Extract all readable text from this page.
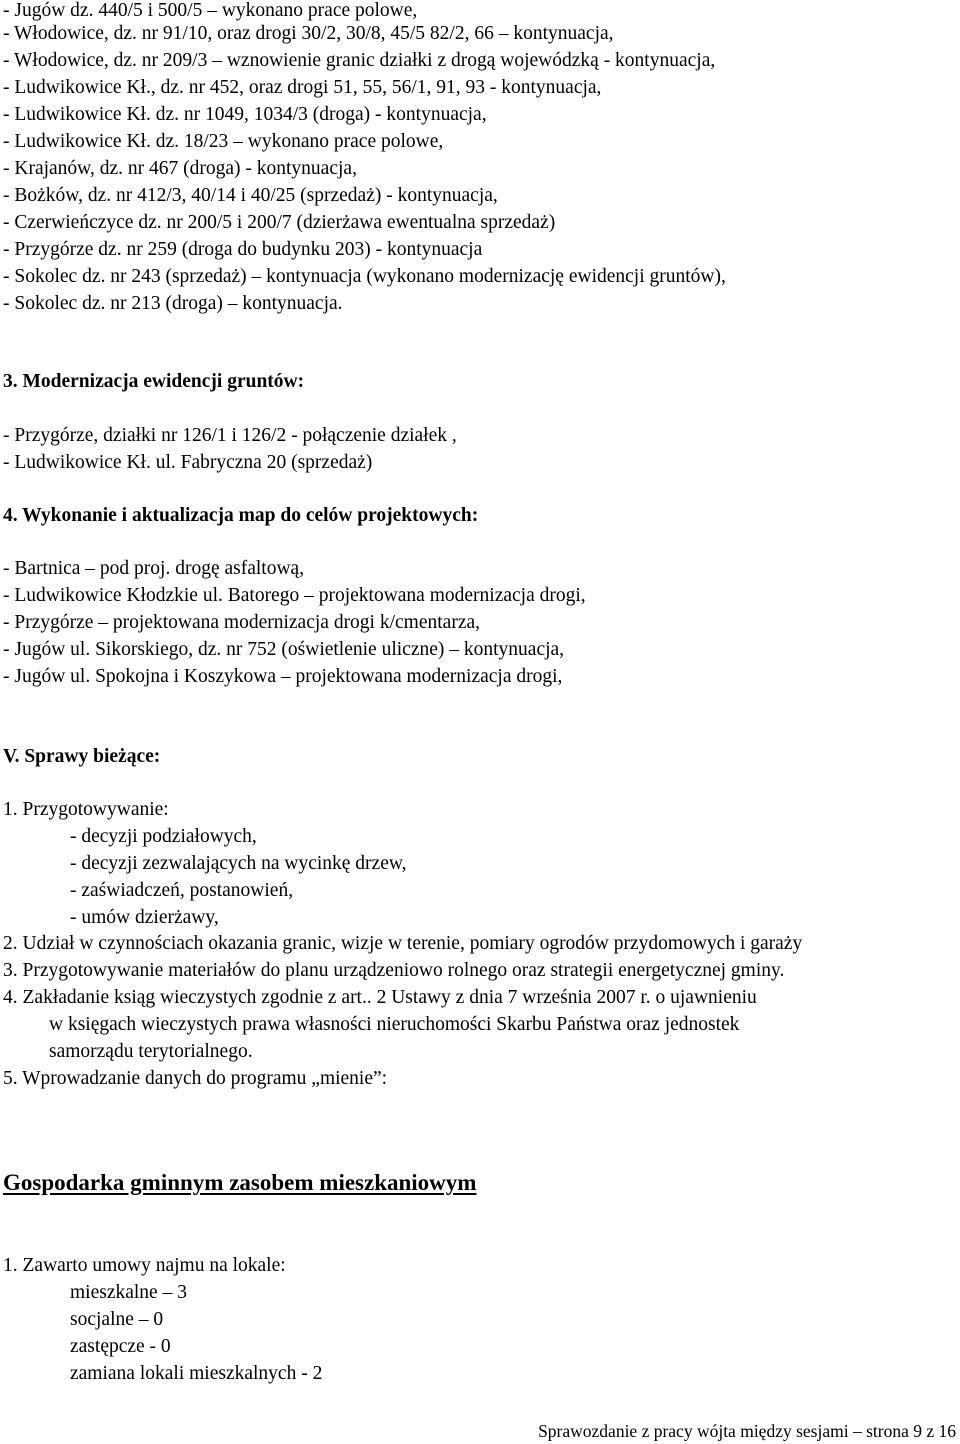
- Jugów dz. 440/5 i 500/5 – wykonano prace polowe,
- Włodowice, dz. nr 91/10, oraz drogi 30/2, 30/8, 45/5 82/2, 66 – kontynuacja,
- Włodowice, dz. nr 209/3 – wznowienie granic działki z drogą wojewódzką - kontynuacja,
- Ludwikowice Kł., dz. nr 452, oraz drogi 51, 55, 56/1, 91, 93 - kontynuacja,
- Ludwikowice Kł. dz. nr 1049, 1034/3 (droga) - kontynuacja,
- Ludwikowice Kł. dz. 18/23 – wykonano prace polowe,
- Krajanów, dz. nr 467 (droga) - kontynuacja,
- Bożków, dz. nr 412/3, 40/14 i 40/25 (sprzedaż) - kontynuacja,
- Czerwieńczyce dz. nr 200/5 i 200/7 (dzierżawa ewentualna sprzedaż)
- Przygórze dz. nr 259 (droga do budynku 203) - kontynuacja
- Sokolec dz. nr 243 (sprzedaż) – kontynuacja (wykonano modernizację ewidencji gruntów),
- Sokolec dz. nr 213 (droga) – kontynuacja.
3. Modernizacja ewidencji gruntów:
- Przygórze, działki nr 126/1 i 126/2 - połączenie działek ,
- Ludwikowice Kł. ul. Fabryczna 20 (sprzedaż)
4. Wykonanie i aktualizacja map do celów projektowych:
- Bartnica – pod proj. drogę asfaltową,
- Ludwikowice Kłodzkie ul. Batorego – projektowana modernizacja drogi,
- Przygórze – projektowana modernizacja drogi k/cmentarza,
- Jugów ul. Sikorskiego, dz. nr 752 (oświetlenie uliczne) – kontynuacja,
- Jugów ul. Spokojna i Koszykowa – projektowana modernizacja drogi,
V. Sprawy bieżące:
1. Przygotowywanie:
- decyzji podziałowych,
- decyzji zezwalających na wycinkę drzew,
- zaświadczeń, postanowień,
- umów dzierżawy,
2. Udział w czynnościach okazania granic, wizje w terenie, pomiary ogrodów przydomowych i garaży
3. Przygotowywanie materiałów do planu urządzeniowo rolnego oraz strategii energetycznej gminy.
4. Zakładanie ksiąg wieczystych zgodnie z art.. 2 Ustawy z dnia 7 września 2007 r. o ujawnieniu
w księgach wieczystych prawa własności nieruchomości Skarbu Państwa oraz jednostek
samorządu terytorialnego.
5. Wprowadzanie danych do programu „mienie”:
Gospodarka gminnym zasobem mieszkaniowym
1. Zawarto umowy najmu na lokale:
mieszkalne – 3
socjalne – 0
zastępcze - 0
zamiana lokali mieszkalnych - 2
Sprawozdanie z pracy wójta między sesjami – strona 9 z 16
